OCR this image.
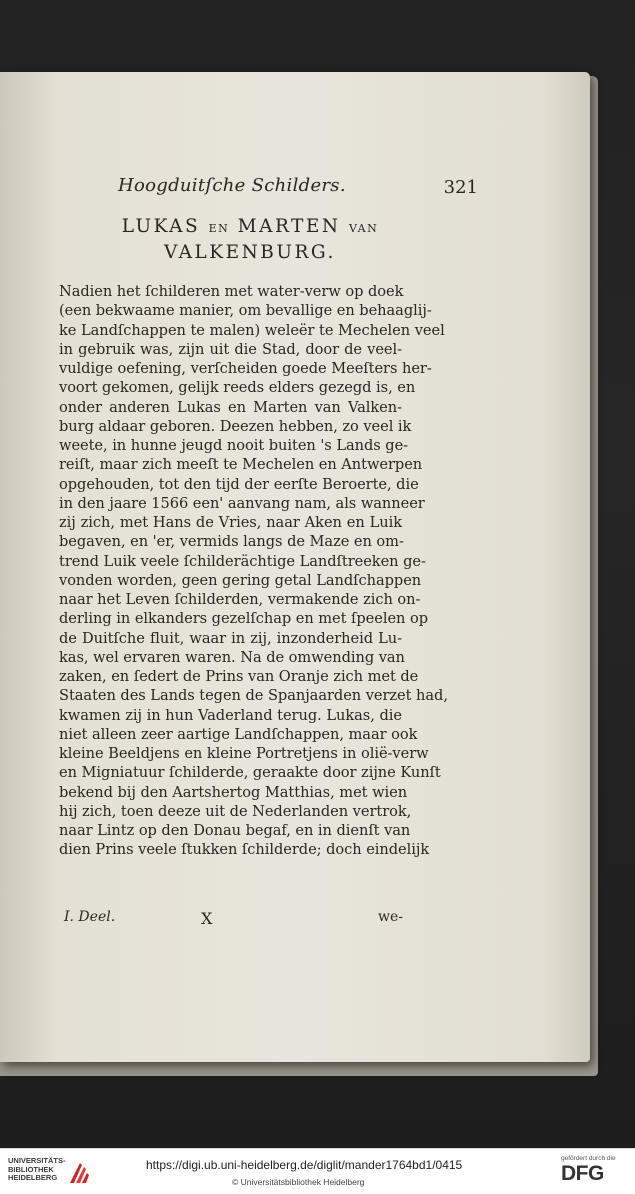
Hoogduitſche Schilders.	321
LUKAS EN MARTEN VAN
VALKENBURG.
Nadien het ſchilderen met water-verw op doek
(een bekwaame manier, om bevallige en behaaglij-
ke Landſchappen te malen) weleër te Mechelen veel
in gebruik was, zijn uit die Stad, door de veel-
vuldige oefening, verſcheiden goede Meeſters her-
voort gekomen, gelijk reeds elders gezegd is, en
onder anderen Lukas en Marten van Valken-
burg aldaar geboren. Deezen hebben, zo veel ik
weete, in hunne jeugd nooit buiten 's Lands ge-
reiſt, maar zich meeſt te Mechelen en Antwerpen
opgehouden, tot den tijd der eerſte Beroerte, die
in den jaare 1566 een' aanvang nam, als wanneer
zij zich, met Hans de Vries, naar Aken en Luik
begaven, en 'er, vermids langs de Maze en om-
trend Luik veele ſchilderächtige Landſtreeken ge-
vonden worden, geen gering getal Landſchappen
naar het Leven ſchilderden, vermakende zich on-
derling in elkanders gezelſchap en met ſpeelen op
de Duitſche fluit, waar in zij, inzonderheid Lu-
kas, wel ervaren waren. Na de omwending van
zaken, en ſedert de Prins van Oranje zich met de
Staaten des Lands tegen de Spanjaarden verzet had,
kwamen zij in hun Vaderland terug. Lukas, die
niet alleen zeer aartige Landſchappen, maar ook
kleine Beeldjens en kleine Portretjens in olië-verw
en Migniatuur ſchilderde, geraakte door zijne Kunſt
bekend bij den Aartshertog Matthias, met wien
hij zich, toen deeze uit de Nederlanden vertrok,
naar Lintz op den Donau begaf, en in dienſt van
dien Prins veele ſtukken ſchilderde; doch eindelijk
I. Deel.	X	we-
UNIVERSITÄTS-
BIBLIOTHEK
HEIDELBERG
https://digi.ub.uni-heidelberg.de/diglit/mander1764bd1/0415
© Universitätsbibliothek Heidelberg
gefördert durch die
DFG
